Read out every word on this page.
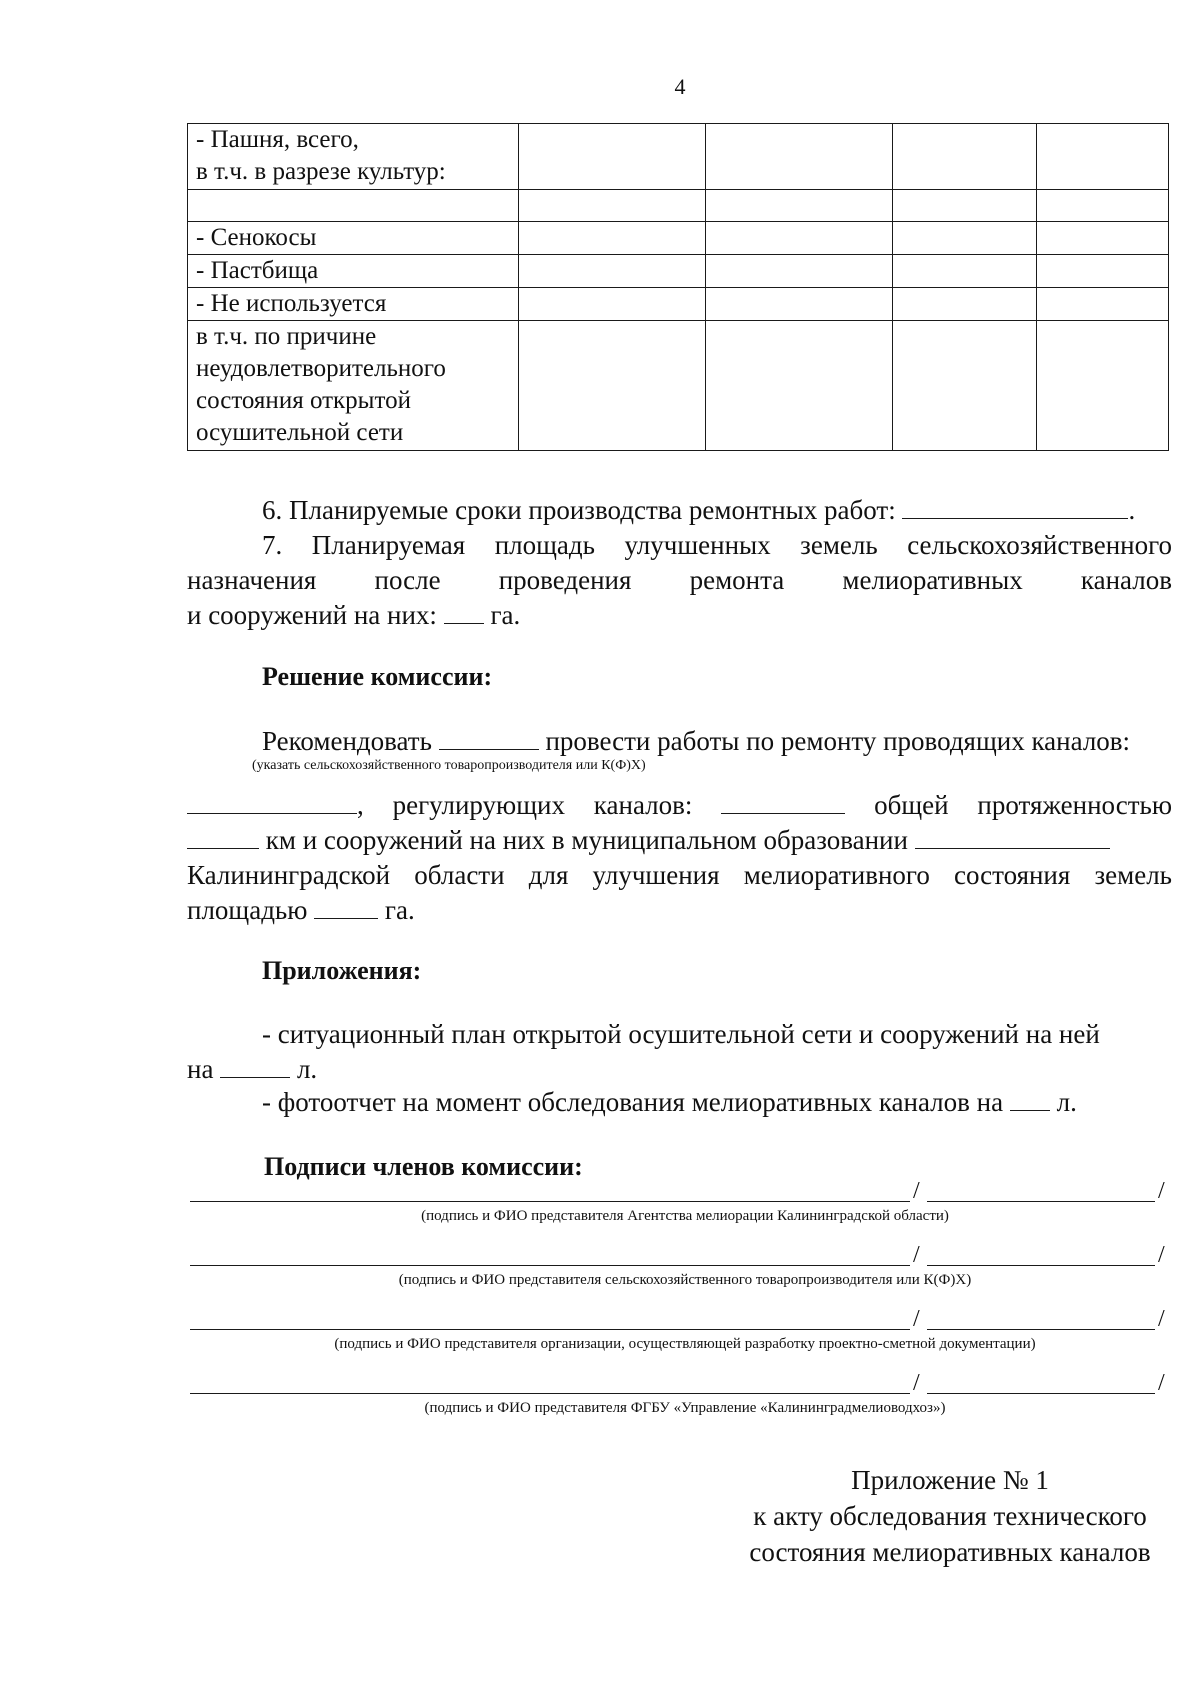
4
- Пашня, всего,
в т.ч. в разрезе культур:				

- Сенокосы				
- Пастбища				
- Не используется				

в т.ч. по причине
неудовлетворительного
состояния открытой
осушительной сети				

6. Планируемые сроки производства ремонтных работ:	.
7. Планируемая площадь улучшенных земель сельскохозяйственного
назначения после проведения ремонта мелиоративных каналов
и сооружений на них:  га.
Решение комиссии:
Рекомендовать	провести работы по ремонту проводящих каналов:
(указать сельскохозяйственного товаропроизводителя или К(Ф)Х)
, регулирующих каналов:	общей протяженностью
км и сооружений на них в муниципальном образовании
Калининградской области для улучшения мелиоративного состояния земель
площадью  га.
Приложения:
- ситуационный план открытой осушительной сети и сооружений на ней
на	л.
- фотоотчет на момент обследования мелиоративных каналов на  л.
Подписи членов комиссии:
/	/
(подпись и ФИО представителя Агентства мелиорации Калининградской области)
/	/
(подпись и ФИО представителя сельскохозяйственного товаропроизводителя или К(Ф)Х)
/	/
(подпись и ФИО представителя организации, осуществляющей разработку проектно-сметной документации)
/	/
(подпись и ФИО представителя ФГБУ «Управление «Калининградмелиоводхоз»)
Приложение № 1
к акту обследования технического
состояния мелиоративных каналов
